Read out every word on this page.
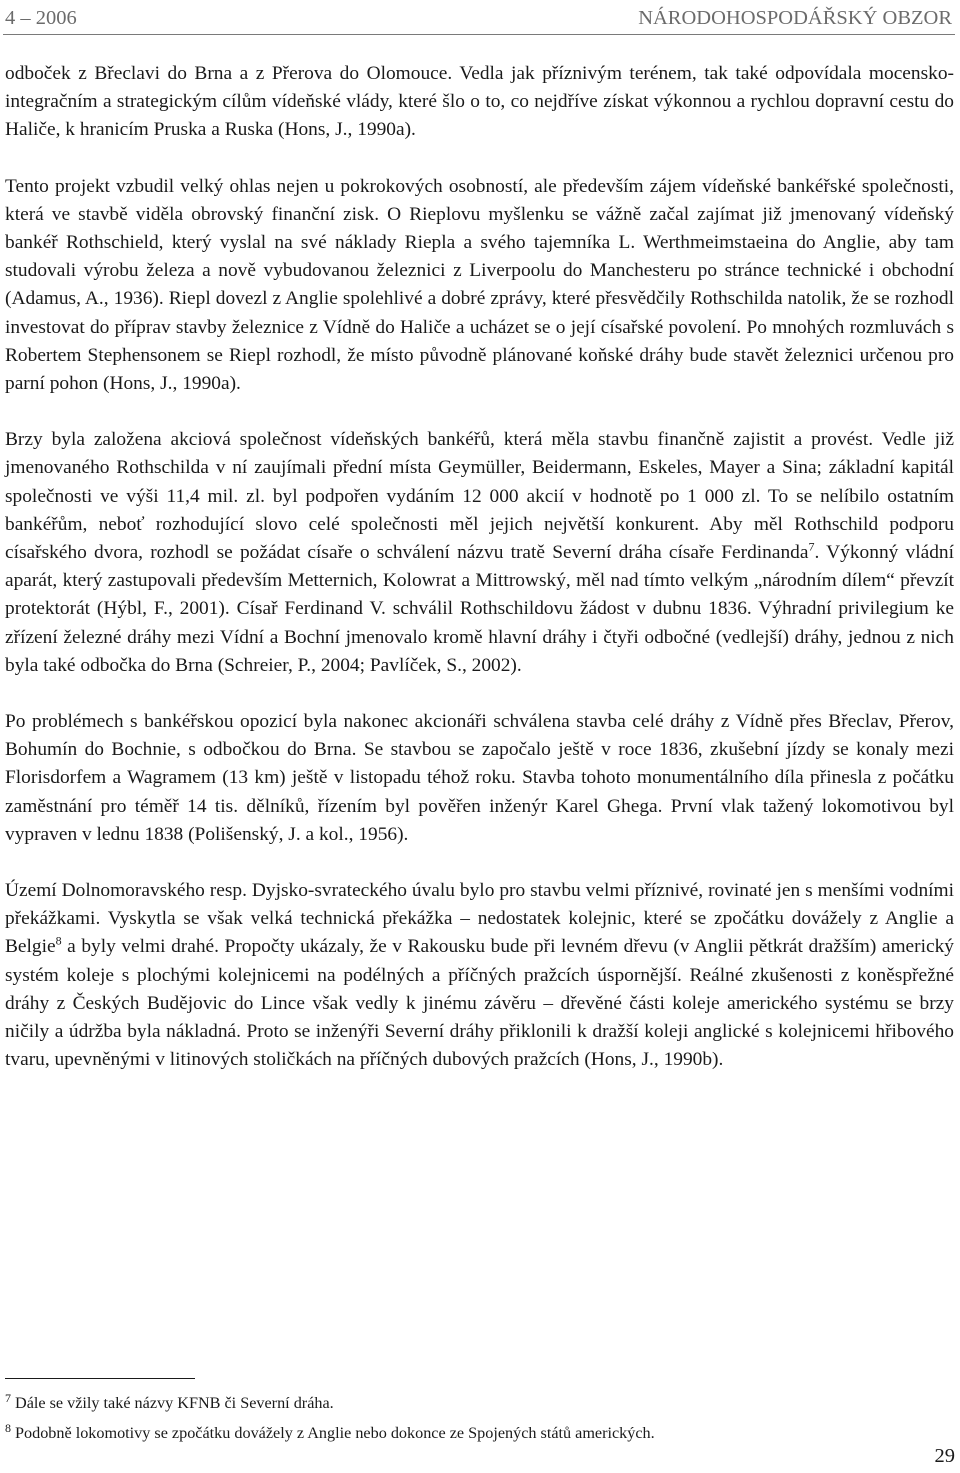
4 – 2006	NÁRODOHOSPODÁŘSKÝ OBZOR

odboček z Břeclavi do Brna a z Přerova do Olomouce. Vedla jak příznivým terénem, tak také odpovídala mocensko-integračním a strategickým cílům vídeňské vlády, které šlo o to, co nejdříve získat výkonnou a rychlou dopravní cestu do Haliče, k hranicím Pruska a Ruska (Hons, J., 1990a).

Tento projekt vzbudil velký ohlas nejen u pokrokových osobností, ale především zájem vídeňské bankéřské společnosti, která ve stavbě viděla obrovský finanční zisk. O Rieplovu myšlenku se vážně začal zajímat již jmenovaný vídeňský bankéř Rothschield, který vyslal na své náklady Riepla a svého tajemníka L. Werthmeimstaeina do Anglie, aby tam studovali výrobu železa a nově vybudovanou železnici z Liverpoolu do Manchesteru po stránce technické i obchodní (Adamus, A., 1936). Riepl dovezl z Anglie spolehlivé a dobré zprávy, které přesvědčily Rothschilda natolik, že se rozhodl investovat do příprav stavby železnice z Vídně do Haliče a ucházet se o její císařské povolení. Po mnohých rozmluvách s Robertem Stephensonem se Riepl rozhodl, že místo původně plánované koňské dráhy bude stavět železnici určenou pro parní pohon (Hons, J., 1990a).

Brzy byla založena akciová společnost vídeňských bankéřů, která měla stavbu finančně zajistit a provést. Vedle již jmenovaného Rothschilda v ní zaujímali přední místa Geymüller, Beidermann, Eskeles, Mayer a Sina; základní kapitál společnosti ve výši 11,4 mil. zl. byl podpořen vydáním 12 000 akcií v hodnotě po 1 000 zl. To se nelíbilo ostatním bankéřům, neboť rozhodující slovo celé společnosti měl jejich největší konkurent. Aby měl Rothschild podporu císařského dvora, rozhodl se požádat císaře o schválení názvu tratě Severní dráha císaře Ferdinanda$^7$. Výkonný vládní aparát, který zastupovali především Metternich, Kolowrat a Mittrowský, měl nad tímto velkým „národním dílem“ převzít protektorát (Hýbl, F., 2001). Císař Ferdinand V. schválil Rothschildovu žádost v dubnu 1836. Výhradní privilegium ke zřízení železné dráhy mezi Vídní a Bochní jmenovalo kromě hlavní dráhy i čtyři odbočné (vedlejší) dráhy, jednou z nich byla také odbočka do Brna (Schreier, P., 2004; Pavlíček, S., 2002).

Po problémech s bankéřskou opozicí byla nakonec akcionáři schválena stavba celé dráhy z Vídně přes Břeclav, Přerov, Bohumín do Bochnie, s odbočkou do Brna. Se stavbou se započalo ještě v roce 1836, zkušební jízdy se konaly mezi Florisdorfem a Wagramem (13 km) ještě v listopadu téhož roku. Stavba tohoto monumentálního díla přinesla z počátku zaměstnání pro téměř 14 tis. dělníků, řízením byl pověřen inženýr Karel Ghega. První vlak tažený lokomotivou byl vypraven v lednu 1838 (Polišenský, J. a kol., 1956).

Území Dolnomoravského resp. Dyjsko-svrateckého úvalu bylo pro stavbu velmi příznivé, rovinaté jen s menšími vodními překážkami. Vyskytla se však velká technická překážka – nedostatek kolejnic, které se zpočátku dovážely z Anglie a Belgie$^8$ a byly velmi drahé. Propočty ukázaly, že v Rakousku bude při levném dřevu (v Anglii pětkrát dražším) americký systém koleje s plochými kolejnicemi na podélných a příčných pražcích úspornější. Reálné zkušenosti z koněspřežné dráhy z Českých Budějovic do Lince však vedly k jinému závěru – dřevěné části koleje amerického systému se brzy ničily a údržba byla nákladná. Proto se inženýři Severní dráhy přiklonili k dražší koleji anglické s kolejnicemi hřibového tvaru, upevněnými v litinových stoličkách na příčných dubových pražcích (Hons, J., 1990b).

$^7$ Dále se vžily také názvy KFNB či Severní dráha.
$^8$ Podobně lokomotivy se zpočátku dovážely z Anglie nebo dokonce ze Spojených států amerických.
29
